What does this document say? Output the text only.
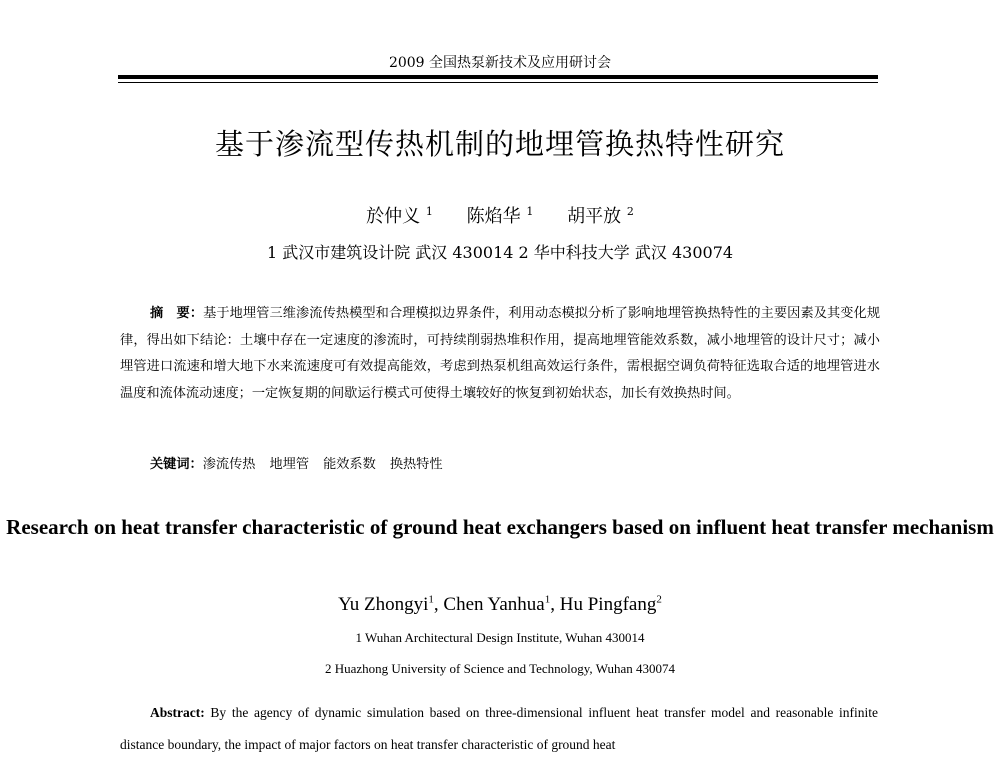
2009 全国热泵新技术及应用研讨会
基于渗流型传热机制的地埋管换热特性研究
於仲义 $^1$ 陈焰华 $^1$ 胡平放 $^2$
1 武汉市建筑设计院 武汉 430014 2 华中科技大学 武汉 430074
摘　要：基于地埋管三维渗流传热模型和合理模拟边界条件，利用动态模拟分析了影响地埋管换热特性的主要因素及其变化规律，得出如下结论：土壤中存在一定速度的渗流时，可持续削弱热堆积作用，提高地埋管能效系数，减小地埋管的设计尺寸；减小埋管进口流速和增大地下水来流速度可有效提高能效，考虑到热泵机组高效运行条件，需根据空调负荷特征选取合适的地埋管进水温度和流体流动速度；一定恢复期的间歇运行模式可使得土壤较好的恢复到初始状态，加长有效换热时间。
关键词：渗流传热 地埋管 能效系数 换热特性
Research on heat transfer characteristic of ground heat exchangers based on influent heat transfer mechanism
Yu Zhongyi$^1$, Chen Yanhua$^1$, Hu Pingfang$^2$
1 Wuhan Architectural Design Institute, Wuhan 430014
2 Huazhong University of Science and Technology, Wuhan 430074
Abstract: By the agency of dynamic simulation based on three-dimensional influent heat transfer model and reasonable infinite distance boundary, the impact of major factors on heat transfer characteristic of ground heat
